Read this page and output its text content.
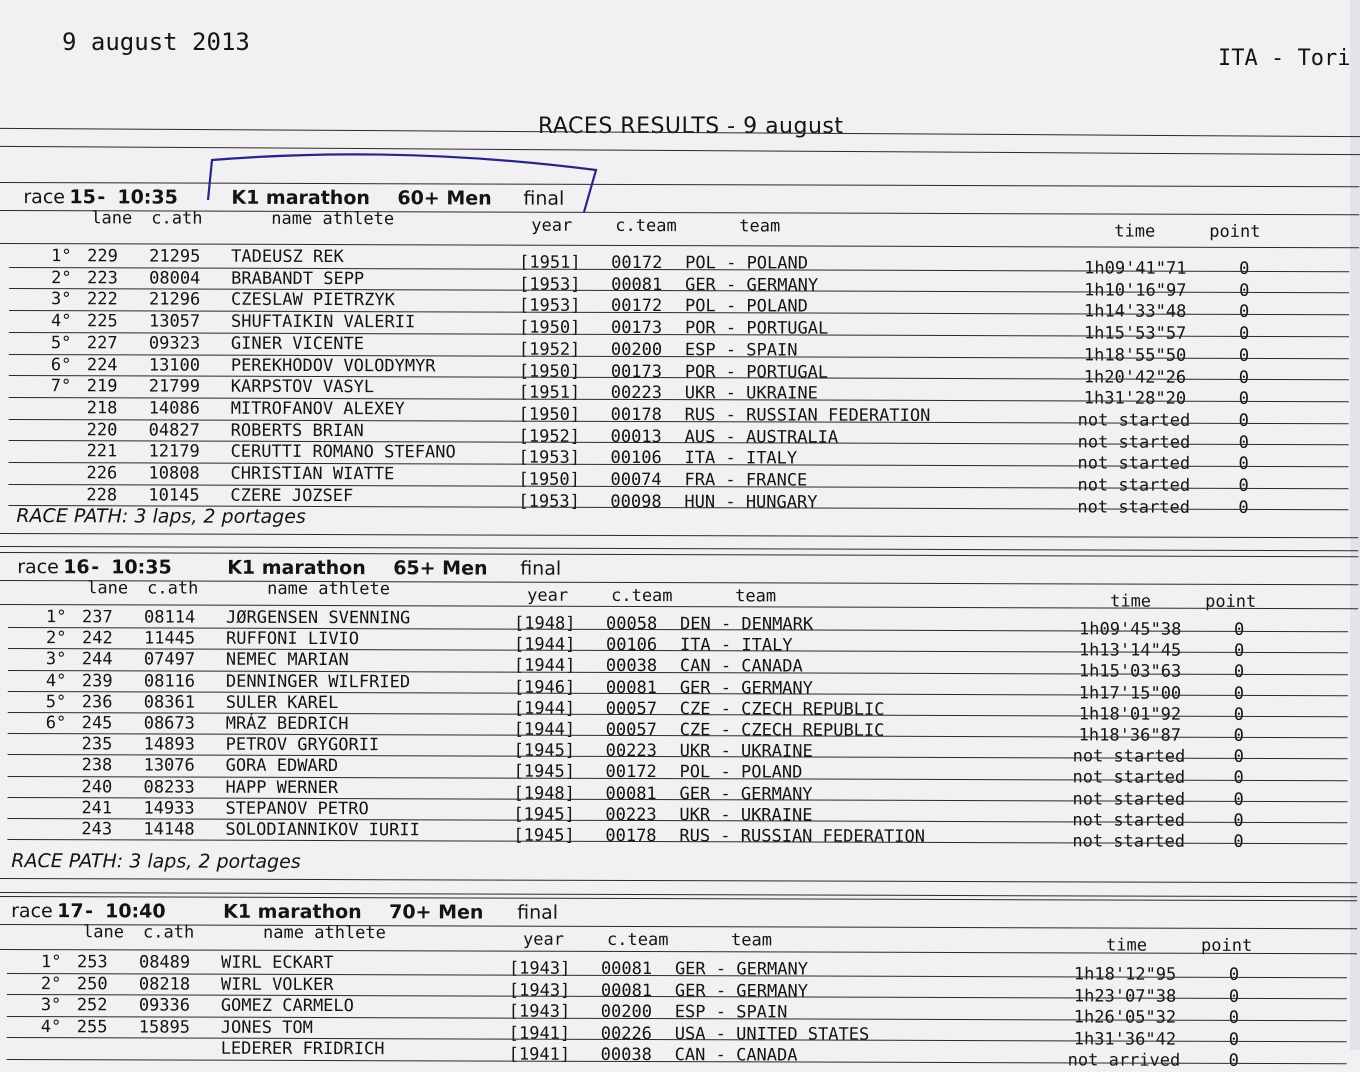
9 august 2013
ITA - Tori
RACES RESULTS - 9 august
race 15 - 10:35	K1 marathon 60+ Men final
lane c.ath	name athlete	year	c.team	team	time	point
1° 229 21295 TADEUSZ REK	[1951] 00172 POL - POLAND	1h09'41"71	0
2° 223 08004 BRABANDT SEPP	[1953] 00081 GER - GERMANY	1h10'16"97	0
3° 222 21296 CZESLAW PIETRZYK	[1953] 00172 POL - POLAND	1h14'33"48	0
4° 225 13057 SHUFTAIKIN VALERII	[1950] 00173 POR - PORTUGAL	1h15'53"57	0
5° 227 09323 GINER VICENTE	[1952] 00200 ESP - SPAIN	1h18'55"50	0
6° 224 13100 PEREKHODOV VOLODYMYR	[1950] 00173 POR - PORTUGAL	1h20'42"26	0
7° 219 21799 KARPSTOV VASYL	[1951] 00223 UKR - UKRAINE	1h31'28"20	0
218 14086 MITROFANOV ALEXEY	[1950] 00178 RUS - RUSSIAN FEDERATION	not started	0
220 04827 ROBERTS BRIAN	[1952] 00013 AUS - AUSTRALIA	not started	0
221 12179 CERUTTI ROMANO STEFANO	[1953] 00106 ITA - ITALY	not started	0
226 10808 CHRISTIAN WIATTE	[1950] 00074 FRA - FRANCE	not started	0
228 10145 CZERE JOZSEF	[1953] 00098 HUN - HUNGARY	not started	0
RACE PATH: 3 laps, 2 portages
race 16 - 10:35	K1 marathon 65+ Men final
lane c.ath	name athlete	year	c.team	team	time	point
1° 237 08114 JØRGENSEN SVENNING	[1948] 00058 DEN - DENMARK	1h09'45"38	0
2° 242 11445 RUFFONI LIVIO	[1944] 00106 ITA - ITALY	1h13'14"45	0
3° 244 07497 NEMEC MARIAN	[1944] 00038 CAN - CANADA	1h15'03"63	0
4° 239 08116 DENNINGER WILFRIED	[1946] 00081 GER - GERMANY	1h17'15"00	0
5° 236 08361 SULER KAREL	[1944] 00057 CZE - CZECH REPUBLIC	1h18'01"92	0
6° 245 08673 MRÁZ BEDRICH	[1944] 00057 CZE - CZECH REPUBLIC	1h18'36"87	0
235 14893 PETROV GRYGORII	[1945] 00223 UKR - UKRAINE	not started	0
238 13076 GORA EDWARD	[1945] 00172 POL - POLAND	not started	0
240 08233 HAPP WERNER	[1948] 00081 GER - GERMANY	not started	0
241 14933 STEPANOV PETRO	[1945] 00223 UKR - UKRAINE	not started	0
243 14148 SOLODIANNIKOV IURII	[1945] 00178 RUS - RUSSIAN FEDERATION	not started	0
RACE PATH: 3 laps, 2 portages
race 17 - 10:40	K1 marathon 70+ Men final
lane c.ath	name athlete	year	c.team	team	time	point
1° 253 08489 WIRL ECKART	[1943] 00081 GER - GERMANY	1h18'12"95	0
2° 250 08218 WIRL VOLKER	[1943] 00081 GER - GERMANY	1h23'07"38	0
3° 252 09336 GOMEZ CARMELO	[1943] 00200 ESP - SPAIN	1h26'05"32	0
4° 255 15895 JONES TOM	[1941] 00226 USA - UNITED STATES	1h31'36"42	0
LEDERER FRIDRICH	[1941] 00038 CAN - CANADA	not arrived	0
